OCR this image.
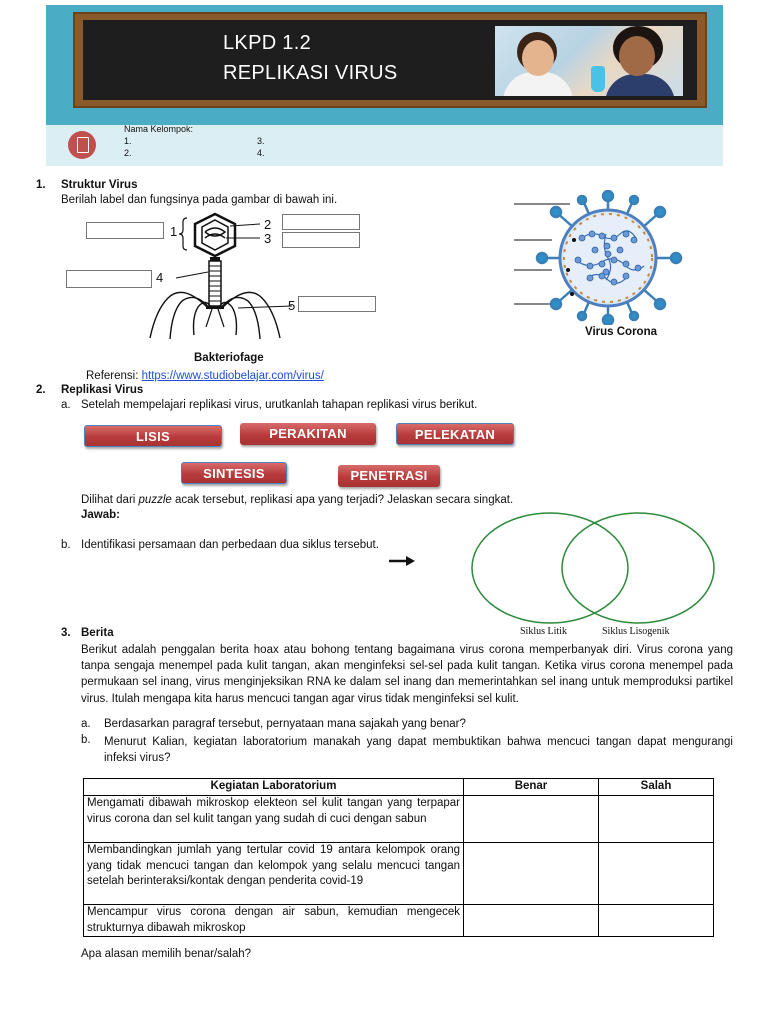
LKPD 1.2
REPLIKASI VIRUS
Nama Kelompok:
1.
2.
3.
4.
1. Struktur Virus
Berilah label dan fungsinya pada gambar di bawah ini.
1	2
3
4
5
Bakteriofage
Virus Corona
Referensi: https://www.studiobelajar.com/virus/
2. Replikasi Virus
a. Setelah mempelajari replikasi virus, urutkanlah tahapan replikasi virus berikut.
LISIS	PERAKITAN	PELEKATAN
SINTESIS	PENETRASI
Dilihat dari puzzle acak tersebut, replikasi apa yang terjadi? Jelaskan secara singkat.
Jawab:
b. Identifikasi persamaan dan perbedaan dua siklus tersebut.
Siklus Litik	Siklus Lisogenik
3. Berita
Berikut adalah penggalan berita hoax atau bohong tentang bagaimana virus corona memperbanyak diri. Virus corona yang tanpa sengaja menempel pada kulit tangan, akan menginfeksi sel-sel pada kulit tangan. Ketika virus corona menempel pada permukaan sel inang, virus menginjeksikan RNA ke dalam sel inang dan memerintahkan sel inang untuk memproduksi partikel virus. Itulah mengapa kita harus mencuci tangan agar virus tidak menginfeksi sel kulit.
a. Berdasarkan paragraf tersebut, pernyataan mana sajakah yang benar?
b. Menurut Kalian, kegiatan laboratorium manakah yang dapat membuktikan bahwa mencuci tangan dapat mengurangi infeksi virus?
Kegiatan Laboratorium	Benar	Salah
Mengamati dibawah mikroskop elekteon sel kulit tangan yang terpapar virus corona dan sel kulit tangan yang sudah di cuci dengan sabun		
Membandingkan jumlah yang tertular covid 19 antara kelompok orang yang tidak mencuci tangan dan kelompok yang selalu mencuci tangan setelah berinteraksi/kontak dengan penderita covid-19		
Mencampur virus corona dengan air sabun, kemudian mengecek strukturnya dibawah mikroskop		
Apa alasan memilih benar/salah?
